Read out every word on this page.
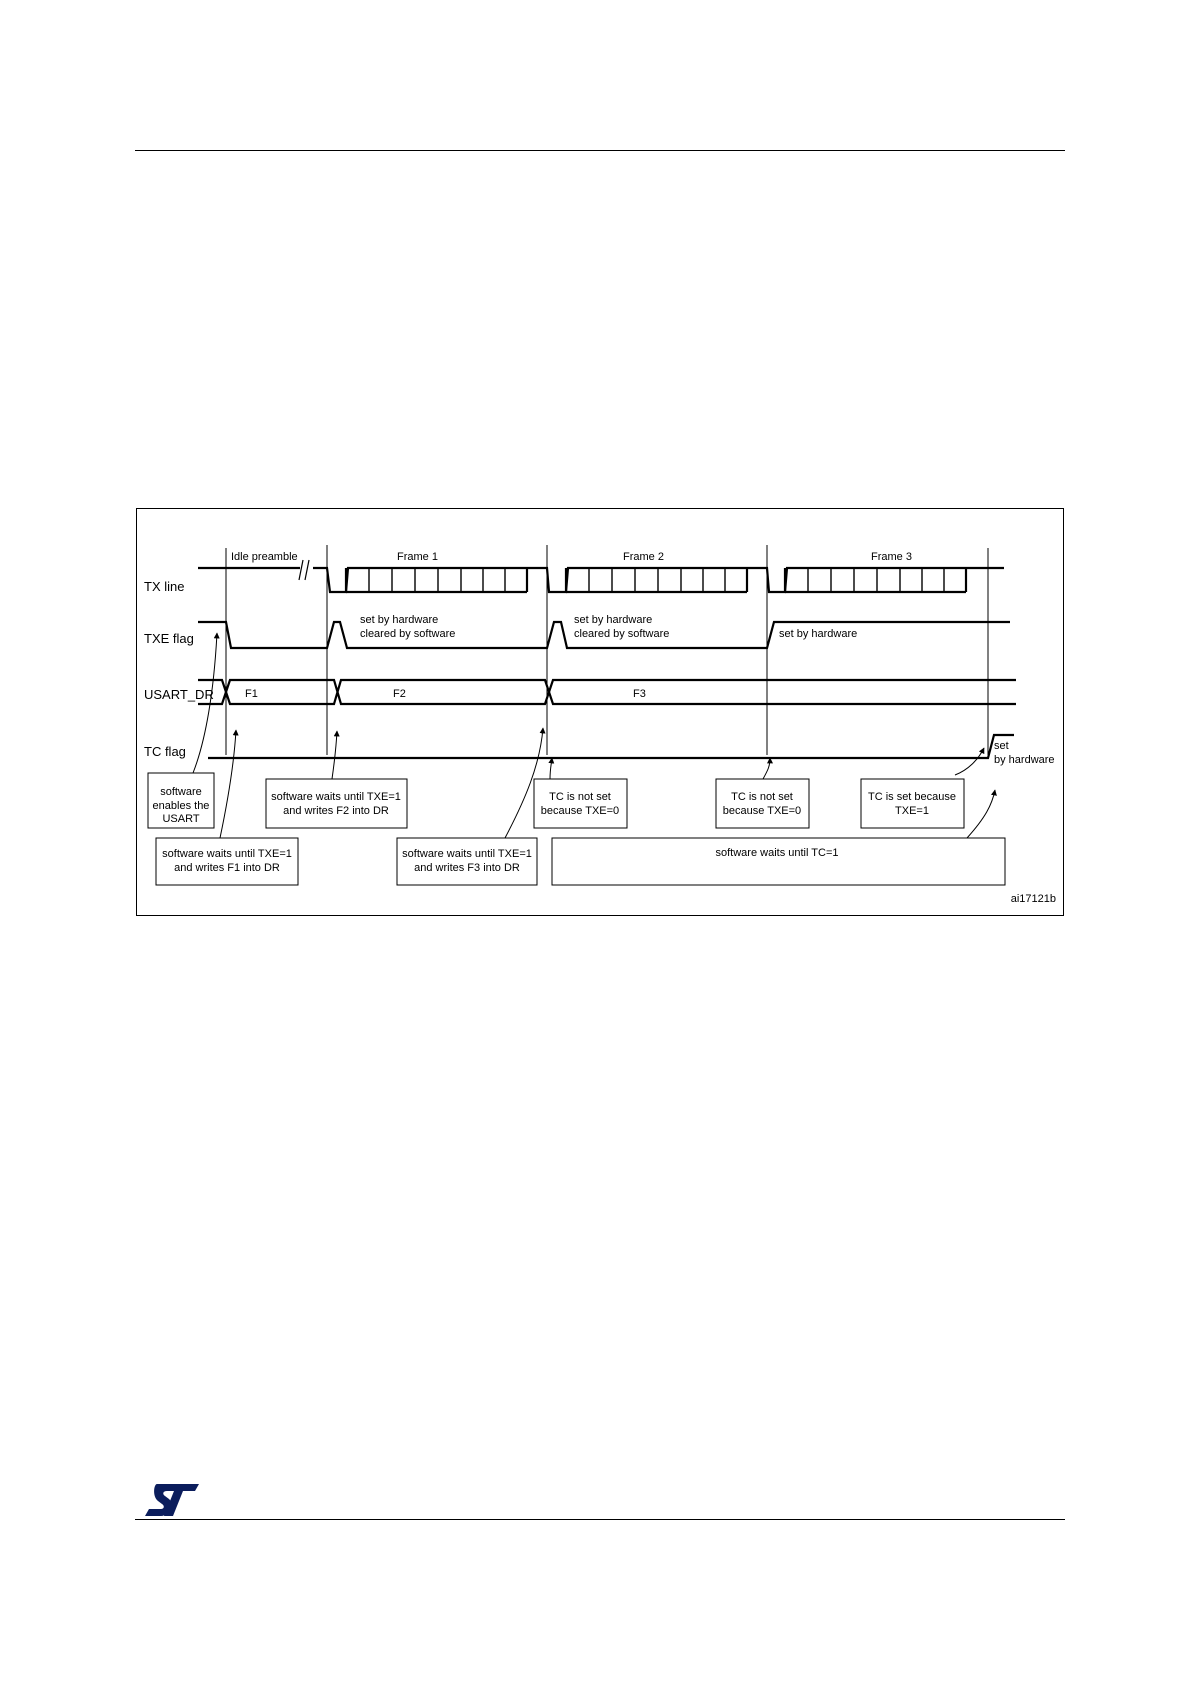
TX line
TXE flag
USART_DR
TC flag
Idle preamble	Frame 1	Frame 2	Frame 3
F1	F2	F3
set by hardware
cleared by software
set by hardware
cleared by software	set by hardware
set
by hardware
software
enables the
USART
software waits until TXE=1
and writes F1 into DR
software waits until TXE=1
and writes F2 into DR
software waits until TXE=1
and writes F3 into DR
TC is not set
because TXE=0
TC is not set
because TXE=0
TC is set because
TXE=1
software waits until TC=1
ai17121b
